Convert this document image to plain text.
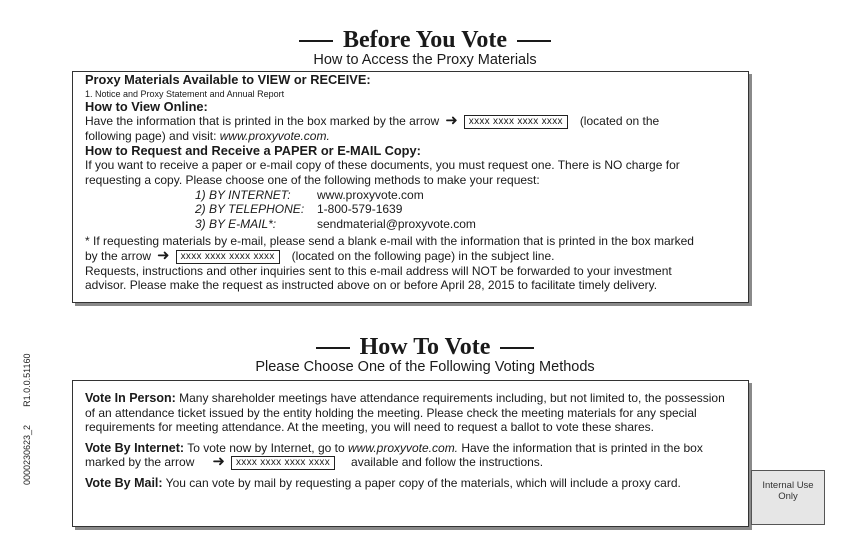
Before You Vote
How to Access the Proxy Materials
Proxy Materials Available to VIEW or RECEIVE:
1. Notice and Proxy Statement and Annual Report
How to View Online:
Have the information that is printed in the box marked by the arrow ➜ xxxx xxxx xxxx xxxx (located on the
following page) and visit: www.proxyvote.com.
How to Request and Receive a PAPER or E-MAIL Copy:
If you want to receive a paper or e-mail copy of these documents, you must request one. There is NO charge for
requesting a copy. Please choose one of the following methods to make your request:
1) BY INTERNET:	www.proxyvote.com
2) BY TELEPHONE:	1-800-579-1639
3) BY E-MAIL*:	sendmaterial@proxyvote.com
* If requesting materials by e-mail, please send a blank e-mail with the information that is printed in the box marked
by the arrow ➜ xxxx xxxx xxxx xxxx (located on the following page) in the subject line.
Requests, instructions and other inquiries sent to this e-mail address will NOT be forwarded to your investment
advisor. Please make the request as instructed above on or before April 28, 2015 to facilitate timely delivery.
How To Vote
Please Choose One of the Following Voting Methods
Vote In Person: Many shareholder meetings have attendance requirements including, but not limited to, the possession
of an attendance ticket issued by the entity holding the meeting. Please check the meeting materials for any special
requirements for meeting attendance. At the meeting, you will need to request a ballot to vote these shares.
Vote By Internet: To vote now by Internet, go to www.proxyvote.com. Have the information that is printed in the box
marked by the arrow ➜ xxxx xxxx xxxx xxxx available and follow the instructions.
Vote By Mail: You can vote by mail by requesting a paper copy of the materials, which will include a proxy card.
0000230623_2R1.0.0.51160
Internal Use
Only
